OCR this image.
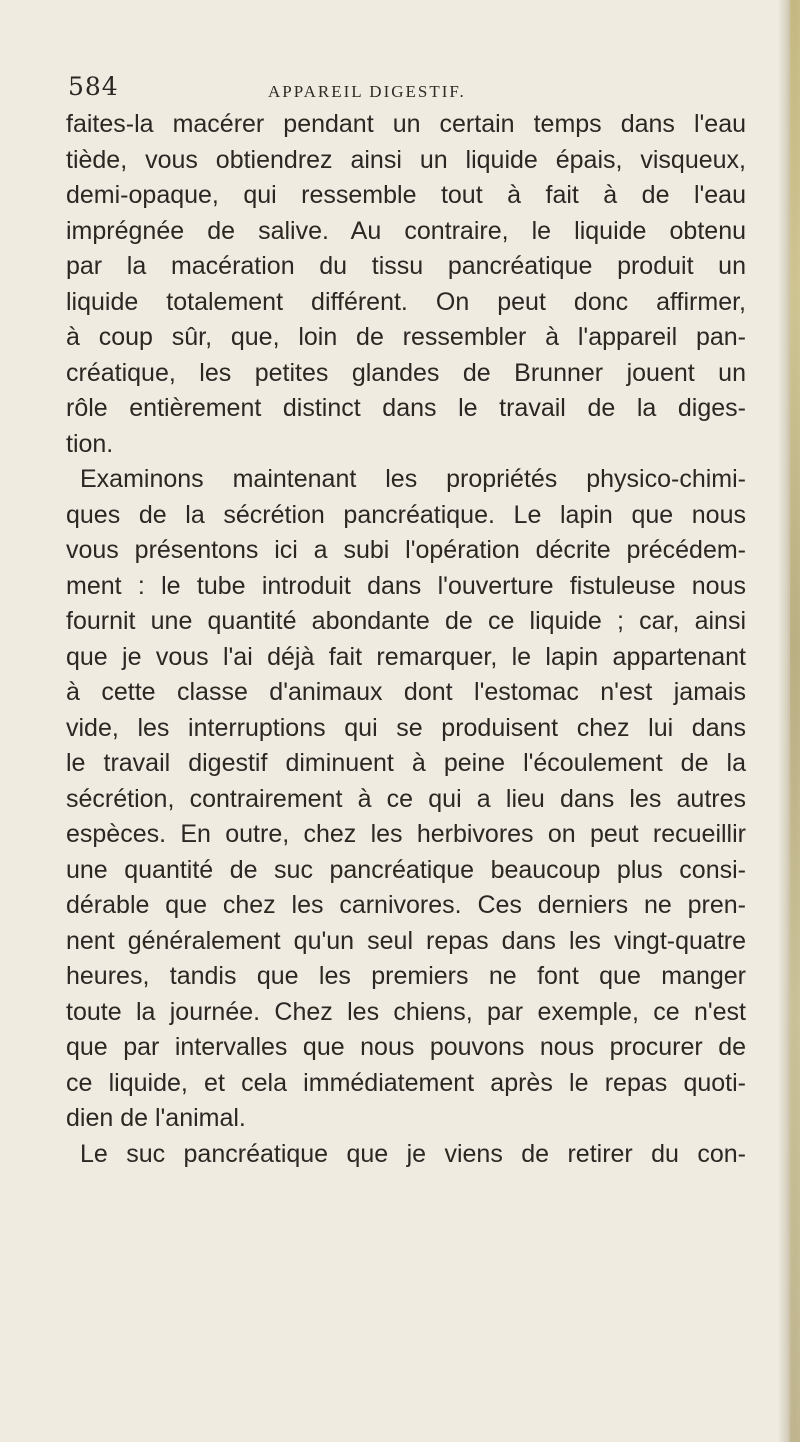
584	APPAREIL DIGESTIF.

faites-la macérer pendant un certain temps dans l'eau
tiède, vous obtiendrez ainsi un liquide épais, visqueux,
demi-opaque, qui ressemble tout à fait à de l'eau
imprégnée de salive. Au contraire, le liquide obtenu
par la macération du tissu pancréatique produit un
liquide totalement différent. On peut donc affirmer,
à coup sûr, que, loin de ressembler à l'appareil pan-
créatique, les petites glandes de Brunner jouent un
rôle entièrement distinct dans le travail de la diges-
tion.

Examinons maintenant les propriétés physico-chimi-
ques de la sécrétion pancréatique. Le lapin que nous
vous présentons ici a subi l'opération décrite précédem-
ment : le tube introduit dans l'ouverture fistuleuse nous
fournit une quantité abondante de ce liquide ; car, ainsi
que je vous l'ai déjà fait remarquer, le lapin appartenant
à cette classe d'animaux dont l'estomac n'est jamais
vide, les interruptions qui se produisent chez lui dans
le travail digestif diminuent à peine l'écoulement de la
sécrétion, contrairement à ce qui a lieu dans les autres
espèces. En outre, chez les herbivores on peut recueillir
une quantité de suc pancréatique beaucoup plus consi-
dérable que chez les carnivores. Ces derniers ne pren-
nent généralement qu'un seul repas dans les vingt-quatre
heures, tandis que les premiers ne font que manger
toute la journée. Chez les chiens, par exemple, ce n'est
que par intervalles que nous pouvons nous procurer de
ce liquide, et cela immédiatement après le repas quoti-
dien de l'animal.

Le suc pancréatique que je viens de retirer du con-
